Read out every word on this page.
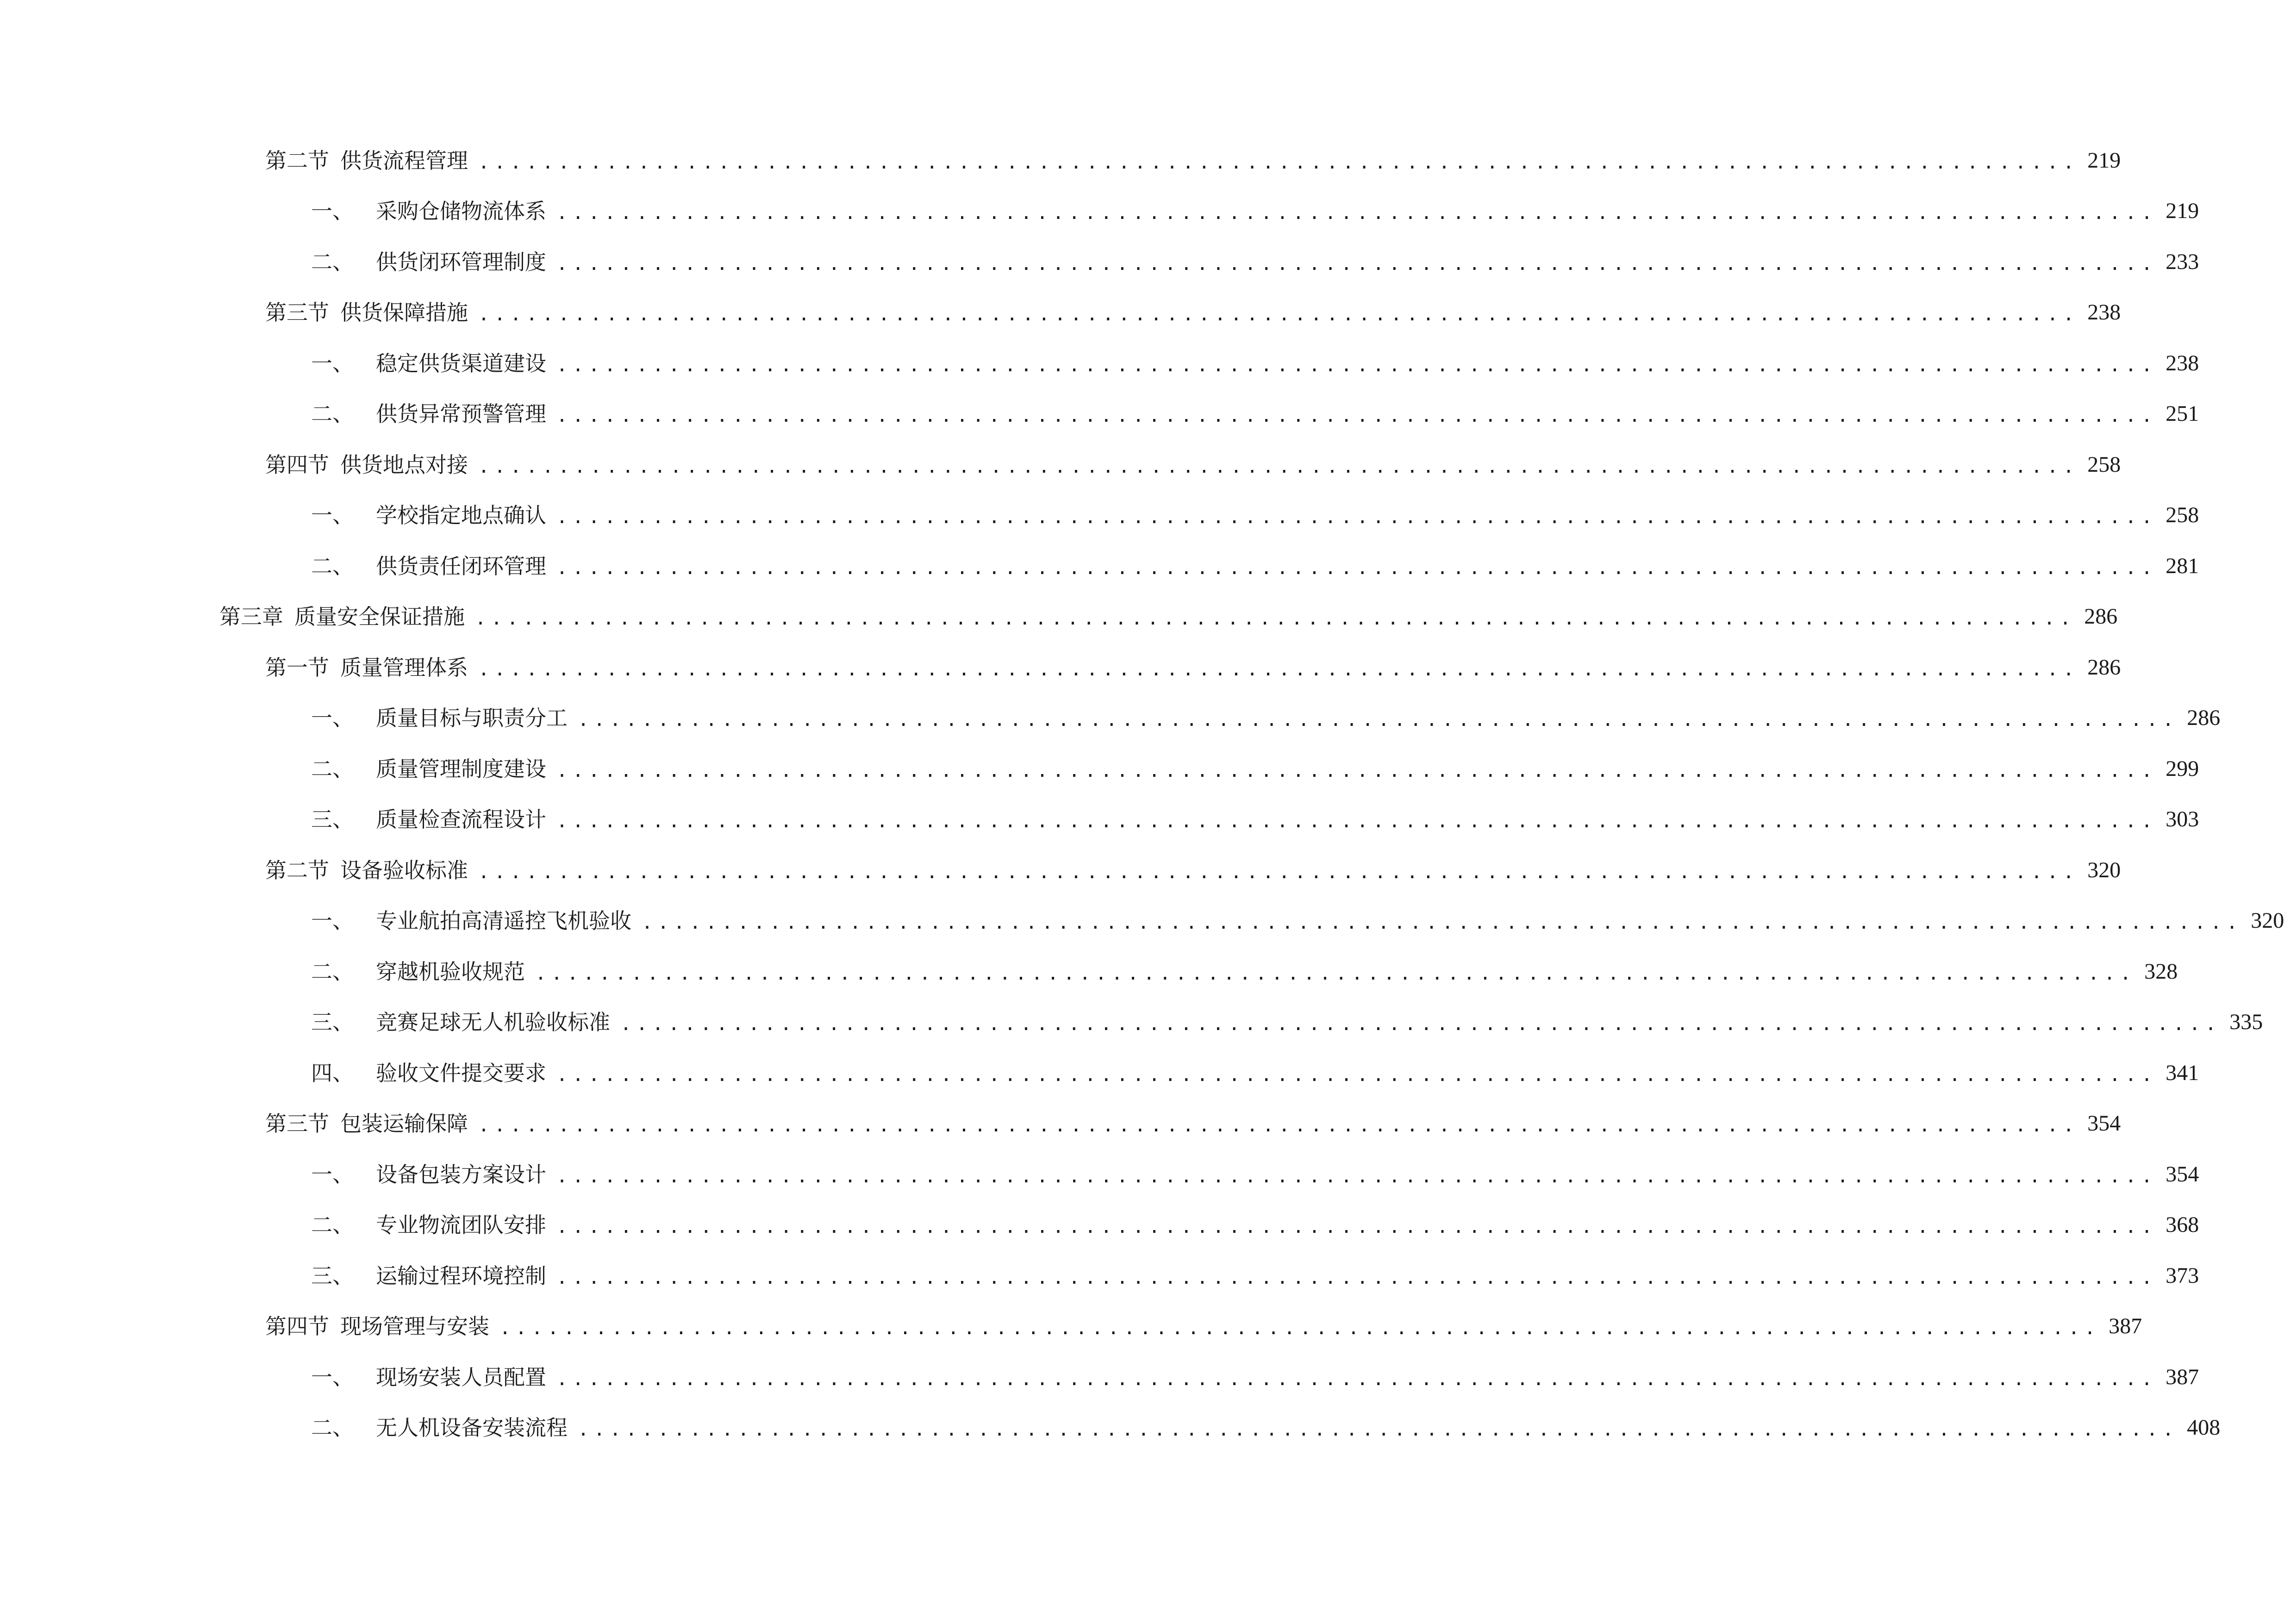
第二节 供货流程管理 .................................................................................................... 219
一、 采购仓储物流体系 .................................................................................................... 219
二、 供货闭环管理制度 .................................................................................................... 233
第三节 供货保障措施 .................................................................................................... 238
一、 稳定供货渠道建设 .................................................................................................... 238
二、 供货异常预警管理 .................................................................................................... 251
第四节 供货地点对接 .................................................................................................... 258
一、 学校指定地点确认 .................................................................................................... 258
二、 供货责任闭环管理 .................................................................................................... 281
第三章 质量安全保证措施 .................................................................................................... 286
第一节 质量管理体系 .................................................................................................... 286
一、 质量目标与职责分工 .................................................................................................... 286
二、 质量管理制度建设 .................................................................................................... 299
三、 质量检查流程设计 .................................................................................................... 303
第二节 设备验收标准 .................................................................................................... 320
一、 专业航拍高清遥控飞机验收 .................................................................................................... 320
二、 穿越机验收规范 .................................................................................................... 328
三、 竞赛足球无人机验收标准 .................................................................................................... 335
四、 验收文件提交要求 .................................................................................................... 341
第三节 包装运输保障 .................................................................................................... 354
一、 设备包装方案设计 .................................................................................................... 354
二、 专业物流团队安排 .................................................................................................... 368
三、 运输过程环境控制 .................................................................................................... 373
第四节 现场管理与安装 .................................................................................................... 387
一、 现场安装人员配置 .................................................................................................... 387
二、 无人机设备安装流程 .................................................................................................... 408
